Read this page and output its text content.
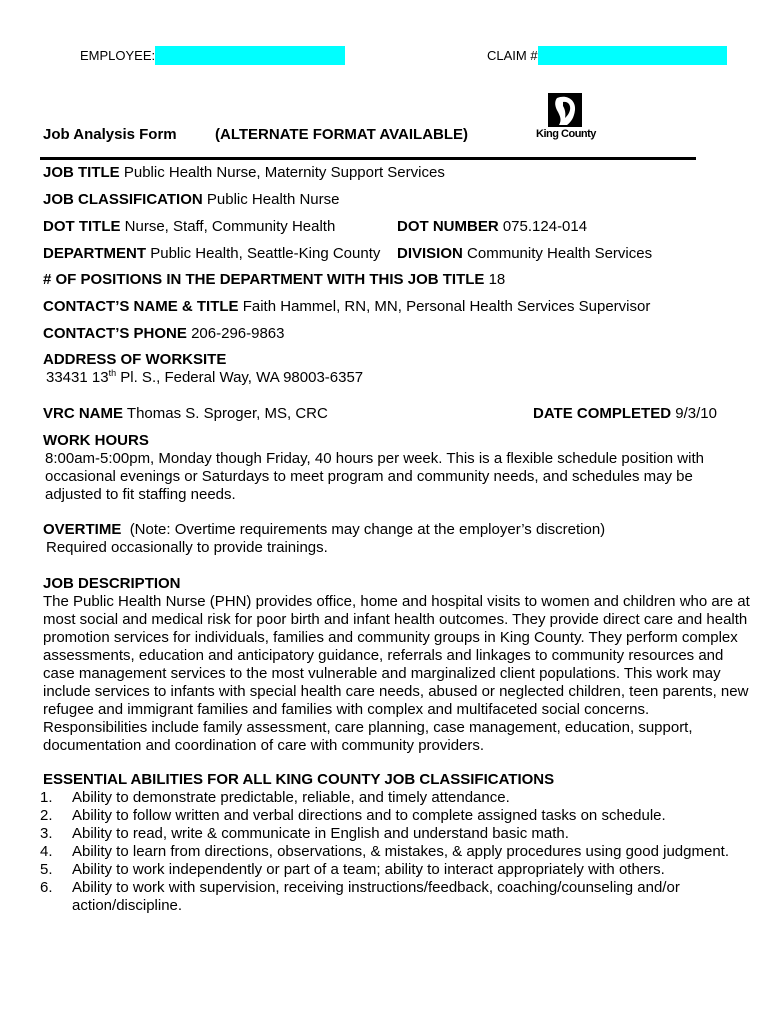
EMPLOYEE:	CLAIM #
King County
Job Analysis Form	(ALTERNATE FORMAT AVAILABLE)
JOB TITLE Public Health Nurse, Maternity Support Services
JOB CLASSIFICATION Public Health Nurse
DOT TITLE Nurse, Staff, Community Health	DOT NUMBER 075.124-014
DEPARTMENT Public Health, Seattle-King County DIVISION Community Health Services
# OF POSITIONS IN THE DEPARTMENT WITH THIS JOB TITLE 18
CONTACT’S NAME & TITLE Faith Hammel, RN, MN, Personal Health Services Supervisor
CONTACT’S PHONE 206-296-9863
ADDRESS OF WORKSITE
33431 13th Pl. S., Federal Way, WA 98003-6357
VRC NAME Thomas S. Sproger, MS, CRC	DATE COMPLETED 9/3/10
WORK HOURS
8:00am-5:00pm, Monday though Friday, 40 hours per week. This is a flexible schedule position with occasional evenings or Saturdays to meet program and community needs, and schedules may be adjusted to fit staffing needs.
OVERTIME (Note: Overtime requirements may change at the employer’s discretion)
Required occasionally to provide trainings.
JOB DESCRIPTION
The Public Health Nurse (PHN) provides office, home and hospital visits to women and children who are at most social and medical risk for poor birth and infant health outcomes. They provide direct care and health promotion services for individuals, families and community groups in King County. They perform complex assessments, education and anticipatory guidance, referrals and linkages to community resources and case management services to the most vulnerable and marginalized client populations. This work may include services to infants with special health care needs, abused or neglected children, teen parents, new refugee and immigrant families and families with complex and multifaceted social concerns. Responsibilities include family assessment, care planning, case management, education, support, documentation and coordination of care with community providers.
ESSENTIAL ABILITIES FOR ALL KING COUNTY JOB CLASSIFICATIONS
1.	Ability to demonstrate predictable, reliable, and timely attendance.
2.	Ability to follow written and verbal directions and to complete assigned tasks on schedule.
3.	Ability to read, write & communicate in English and understand basic math.
4.	Ability to learn from directions, observations, & mistakes, & apply procedures using good judgment.
5.	Ability to work independently or part of a team; ability to interact appropriately with others.
6.	Ability to work with supervision, receiving instructions/feedback, coaching/counseling and/or action/discipline.
